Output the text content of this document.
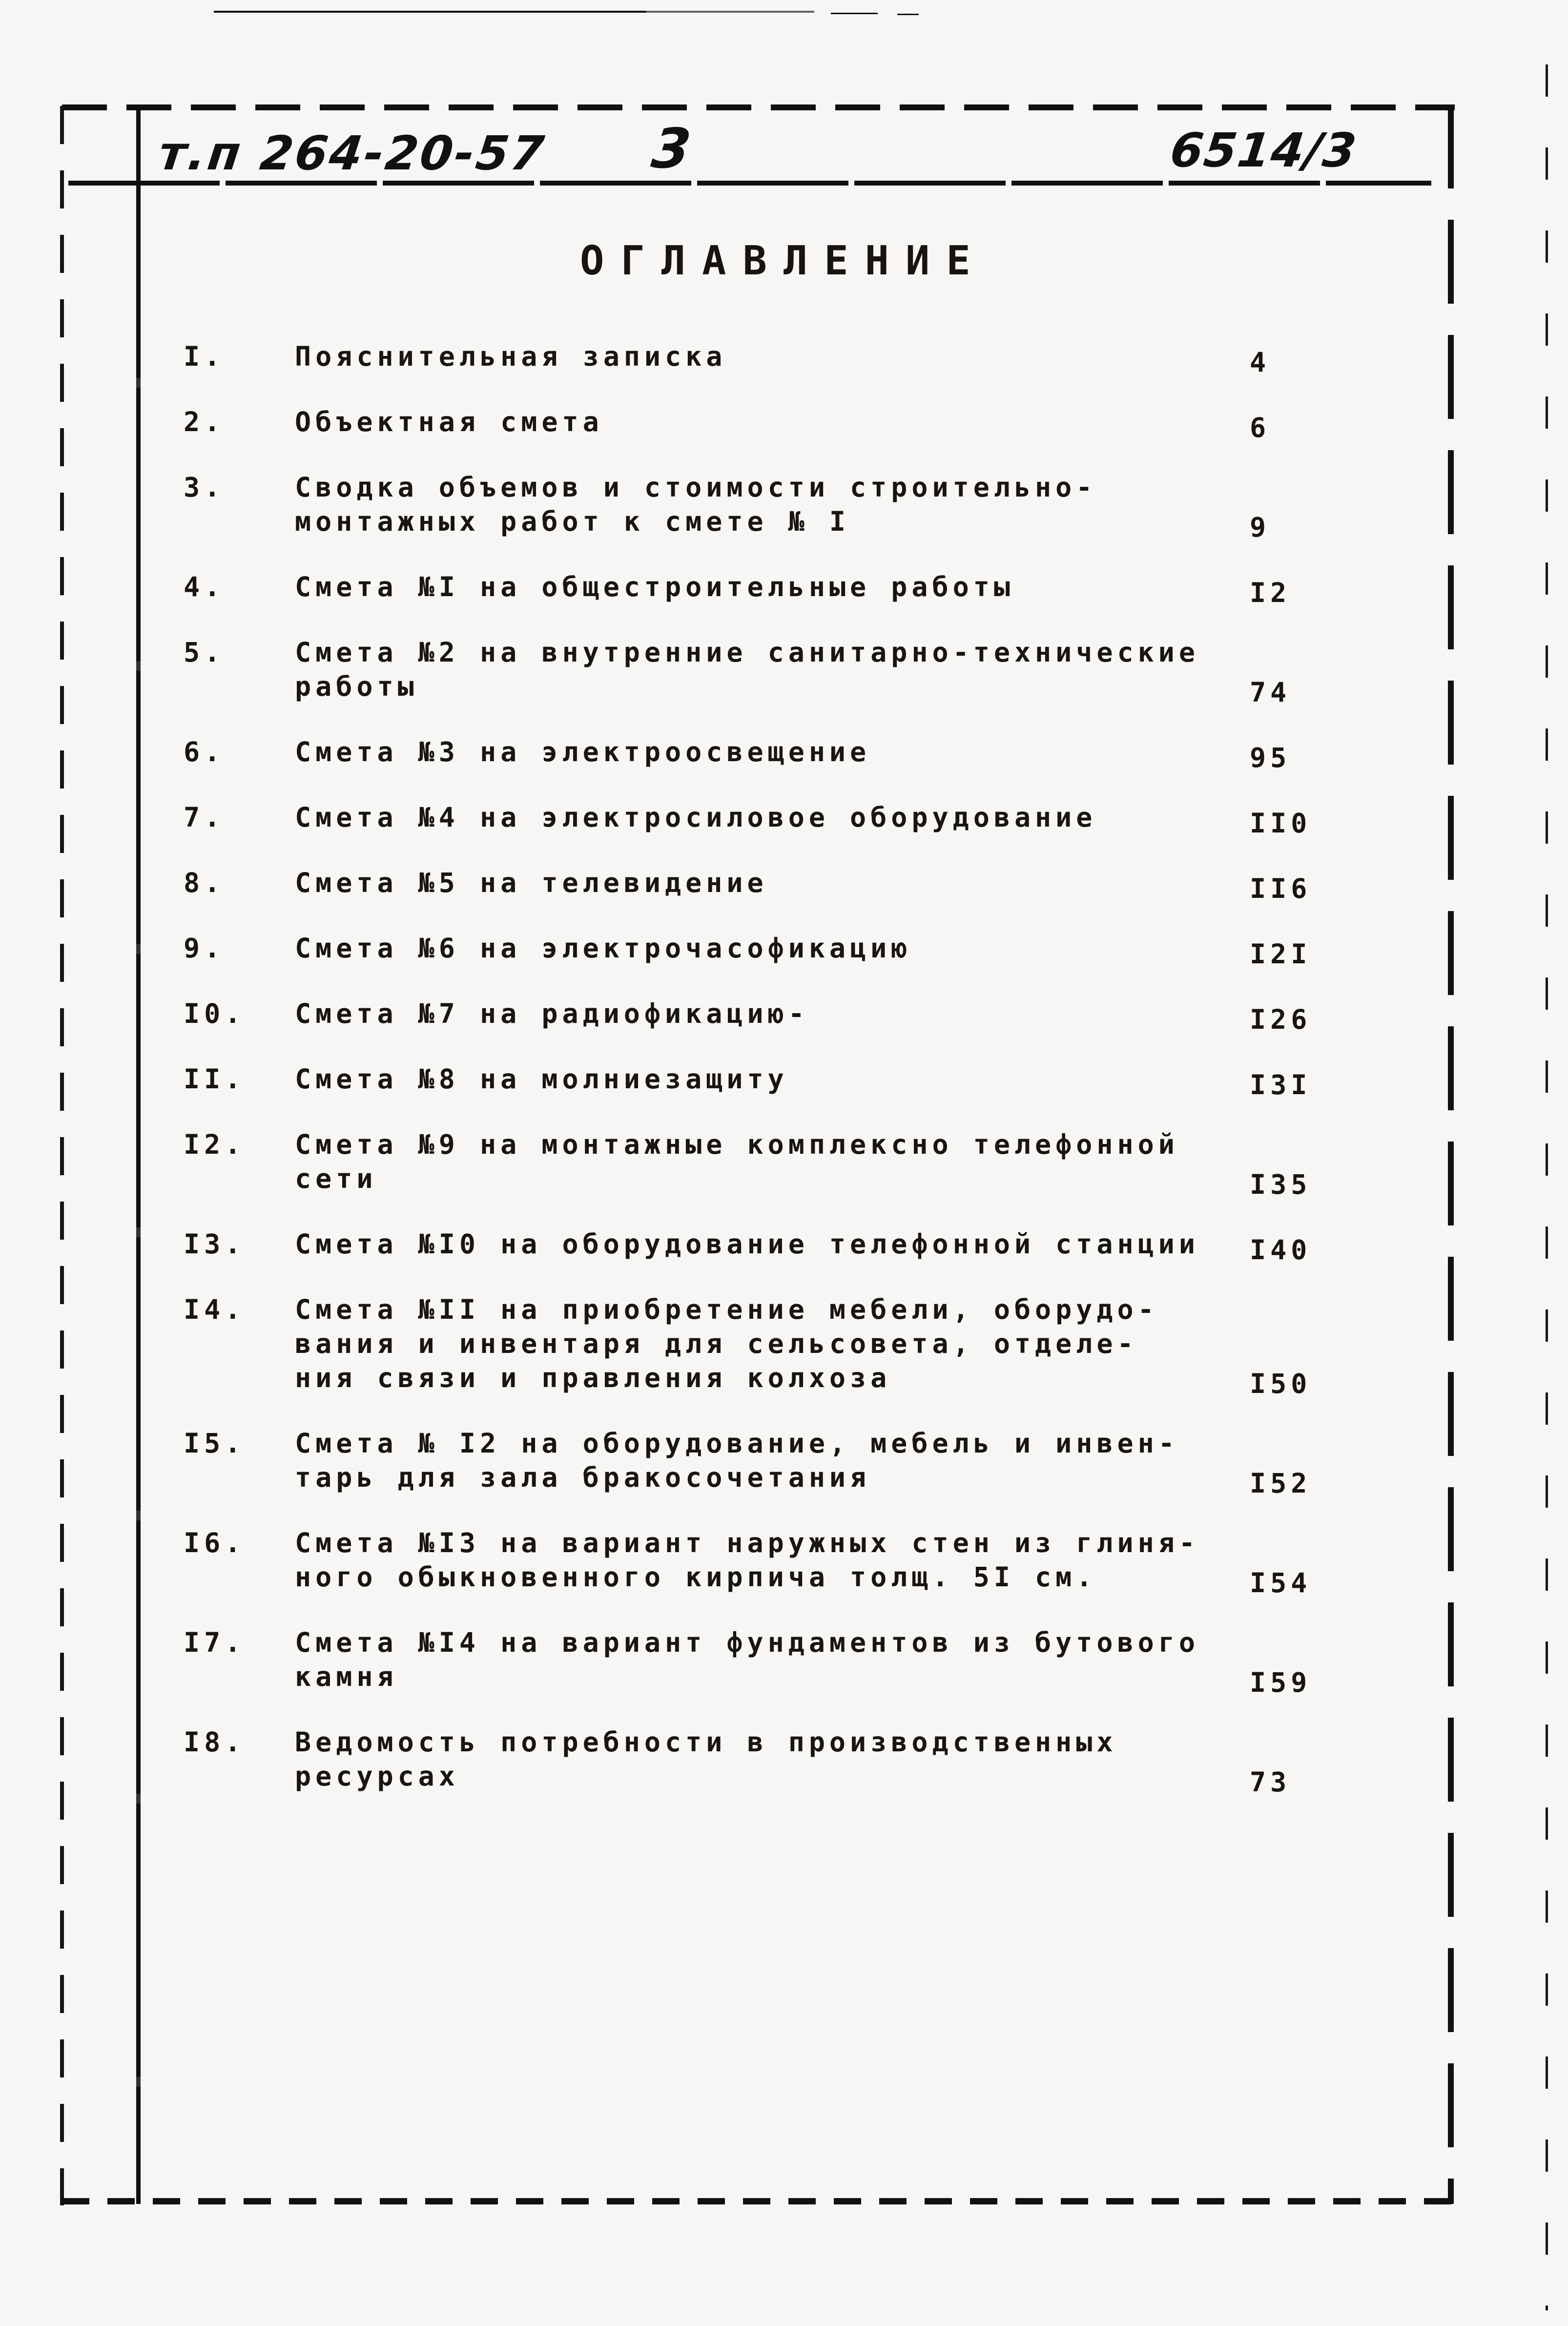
т.п 264-20-57 3	6514/3
ОГЛАВЛЕНИЕ
I.	Пояснительная записка	4
2.	Объектная смета	6
3.	Сводка объемов и стоимости строительно-
монтажных работ к смете № I	9
4.	Смета №I на общестроительные работы	I2
5.	Смета №2 на внутренние санитарно-технические
работы	74
6.	Смета №3 на электроосвещение	95
7.	Смета №4 на электросиловое оборудование	II0
8.	Смета №5 на телевидение	II6
9.	Смета №6 на электрочасофикацию	I2I
I0.	Смета №7 на радиофикацию-	I26
II.	Смета №8 на молниезащиту	I3I
I2.	Смета №9 на монтажные комплексно телефонной
сети	I35
I3.	Смета №I0 на оборудование телефонной станции	I40
I4.	Смета №II на приобретение мебели, оборудо-
вания и инвентаря для сельсовета, отделе-
ния связи и правления колхоза	I50
I5.	Смета № I2 на оборудование, мебель и инвен-
тарь для зала бракосочетания	I52
I6.	Смета №I3 на вариант наружных стен из глиня-
ного обыкновенного кирпича толщ. 5I см.	I54
I7.	Смета №I4 на вариант фундаментов из бутового
камня	I59
I8.	Ведомость потребности в производственных
ресурсах	73
